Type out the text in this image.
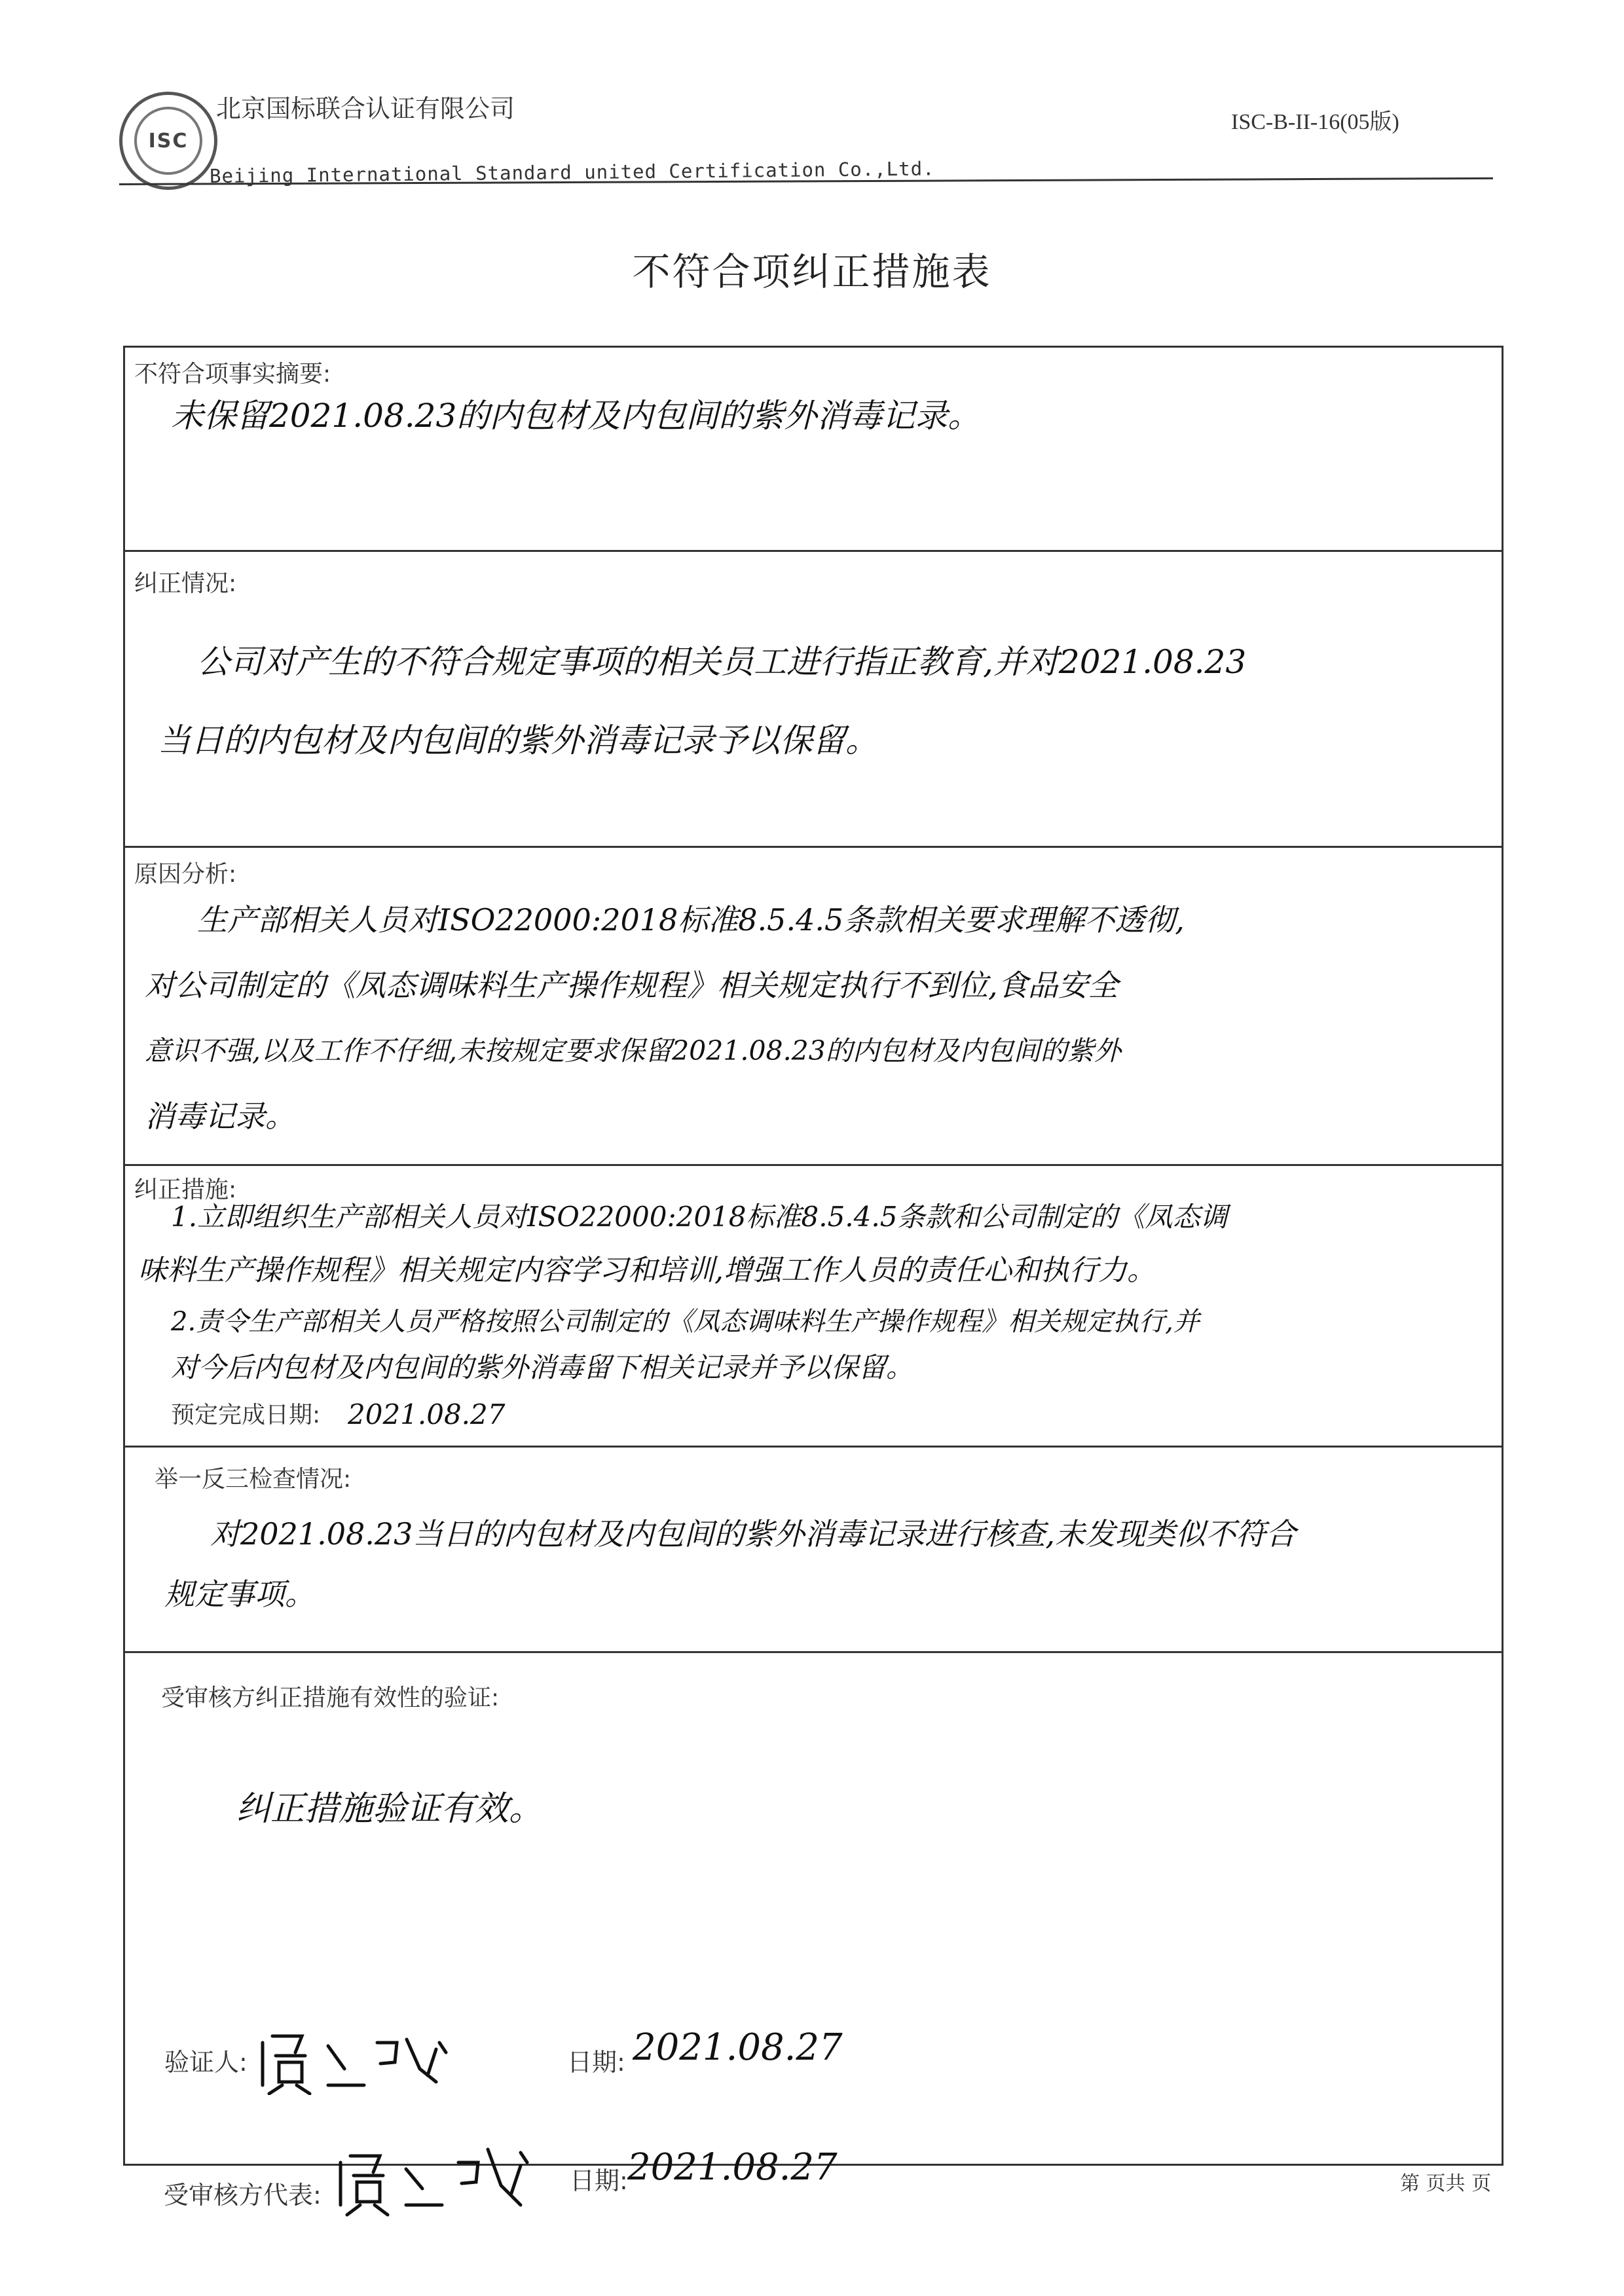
ISC
北京国标联合认证有限公司
Beijing International Standard united Certification Co.,Ltd.
ISC-B-II-16(05版)
不符合项纠正措施表
不符合项事实摘要:
未保留2021.08.23的内包材及内包间的紫外消毒记录。
纠正情况:
公司对产生的不符合规定事项的相关员工进行指正教育,并对2021.08.23
当日的内包材及内包间的紫外消毒记录予以保留。
原因分析:
生产部相关人员对ISO22000:2018标准8.5.4.5条款相关要求理解不透彻,
对公司制定的《凤态调味料生产操作规程》相关规定执行不到位,食品安全
意识不强,以及工作不仔细,未按规定要求保留2021.08.23的内包材及内包间的紫外
消毒记录。
纠正措施:
1.立即组织生产部相关人员对ISO22000:2018标准8.5.4.5条款和公司制定的《凤态调
味料生产操作规程》相关规定内容学习和培训,增强工作人员的责任心和执行力。
2.责令生产部相关人员严格按照公司制定的《凤态调味料生产操作规程》相关规定执行,并
对今后内包材及内包间的紫外消毒留下相关记录并予以保留。
预定完成日期: 2021.08.27
举一反三检查情况:
对2021.08.23当日的内包材及内包间的紫外消毒记录进行核查,未发现类似不符合
规定事项。
受审核方纠正措施有效性的验证:
纠正措施验证有效。
验证人:	日期: 2021.08.27
受审核方代表:	日期: 2021.08.27	第 页共 页
